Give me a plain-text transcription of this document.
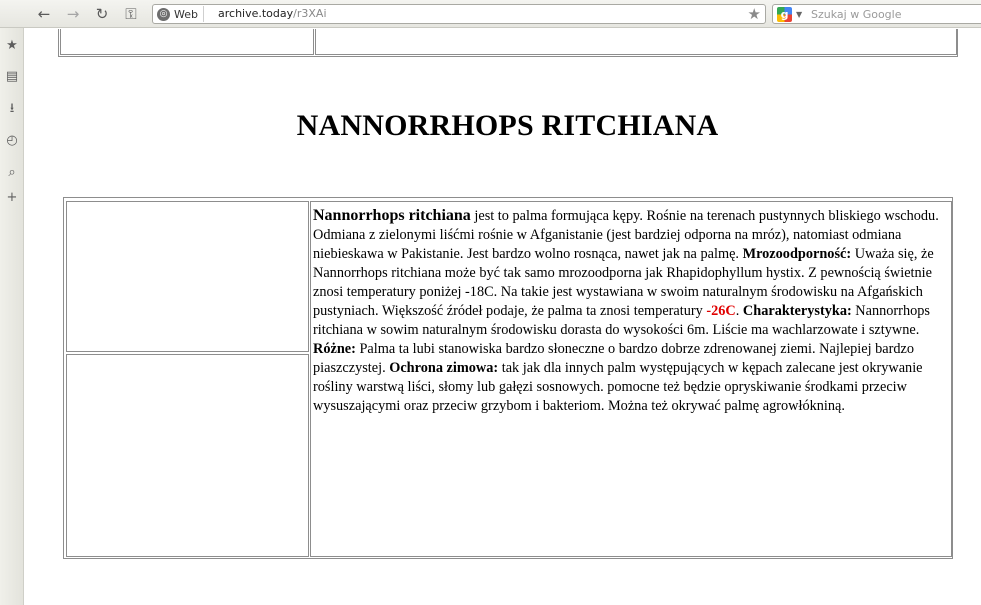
←	→	↻	⚿	◎ Web archive.today/r3XAi	★	g ▼
Szukaj w Google
★
▤
⭳
◴
⌕
+
NANNORRHOPS RITCHIANA
Nannorrhops ritchiana jest to palma formująca kępy. Rośnie na terenach pustynnych bliskiego wschodu. Odmiana z zielonymi liśćmi rośnie w Afganistanie (jest bardziej odporna na mróz), natomiast odmiana niebieskawa w Pakistanie. Jest bardzo wolno rosnąca, nawet jak na palmę. Mrozoodporność: Uważa się, że Nannorrhops ritchiana może być tak samo mrozoodporna jak Rhapidophyllum hystix. Z pewnością świetnie znosi temperatury poniżej -18C. Na takie jest wystawiana w swoim naturalnym środowisku na Afgańskich pustyniach. Większość źródeł podaje, że palma ta znosi temperatury -26C. Charakterystyka: Nannorrhops ritchiana w sowim naturalnym środowisku dorasta do wysokości 6m. Liście ma wachlarzowate i sztywne. Różne: Palma ta lubi stanowiska bardzo słoneczne o bardzo dobrze zdrenowanej ziemi. Najlepiej bardzo piaszczystej. Ochrona zimowa: tak jak dla innych palm występujących w kępach zalecane jest okrywanie rośliny warstwą liści, słomy lub gałęzi sosnowych. pomocne też będzie opryskiwanie środkami przeciw wysuszającymi oraz przeciw grzybom i bakteriom. Można też okrywać palmę agrowłókniną.
